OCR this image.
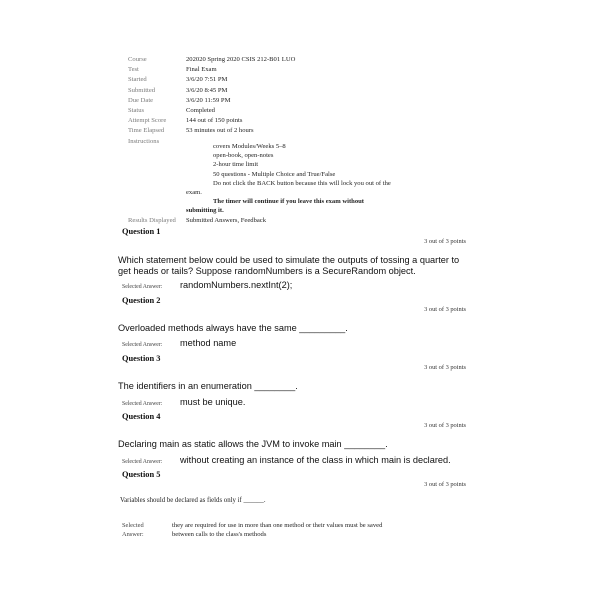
Course	202020 Spring 2020 CSIS 212-B01 LUO
Test	Final Exam
Started	3/6/20 7:51 PM
Submitted	3/6/20 8:45 PM
Due Date	3/6/20 11:59 PM
Status	Completed
Attempt Score	144 out of 150 points
Time Elapsed	53 minutes out of 2 hours
Instructions
covers Modules/Weeks 5–8
open-book, open-notes
2-hour time limit
50 questions - Multiple Choice and True/False
Do not click the BACK button because this will lock you out of the
exam.
The timer will continue if you leave this exam without
submitting it.
Results Displayed	Submitted Answers, Feedback
Question 1
3 out of 3 points
Which statement below could be used to simulate the outputs of tossing a quarter to get heads or tails? Suppose randomNumbers is a SecureRandom object.
Selected Answer:	randomNumbers.nextInt(2);
Question 2
3 out of 3 points
Overloaded methods always have the same _________.
Selected Answer:	method name
Question 3
3 out of 3 points
The identifiers in an enumeration ________.
Selected Answer:	must be unique.
Question 4
3 out of 3 points
Declaring main as static allows the JVM to invoke main ________.
Selected Answer:	without creating an instance of the class in which main is declared.
Question 5
3 out of 3 points
Variables should be declared as fields only if ______.
Selected
Answer:
they are required for use in more than one method or their values must be saved
between calls to the class's methods
